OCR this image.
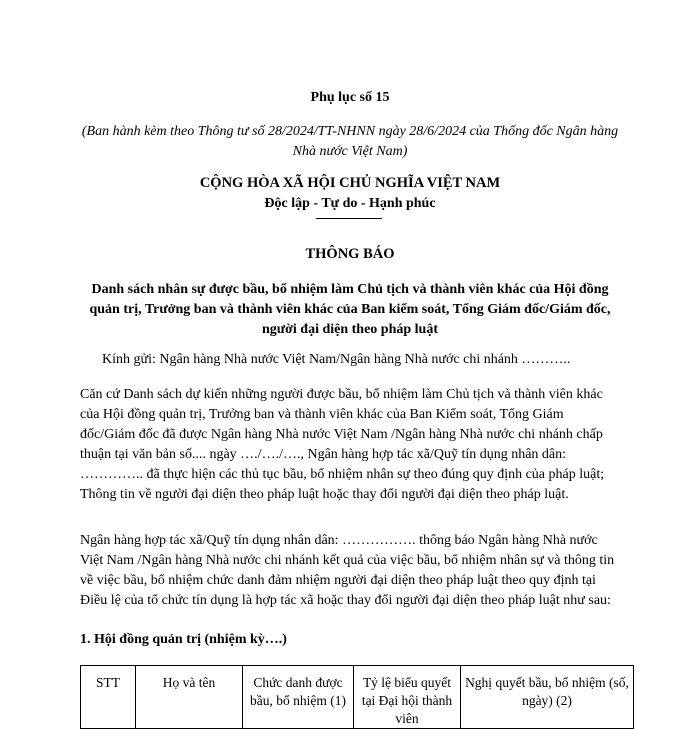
Phụ lục số 15
(Ban hành kèm theo Thông tư số 28/2024/TT-NHNN ngày 28/6/2024 của Thống đốc Ngân hàng Nhà nước Việt Nam)
CỘNG HÒA XÃ HỘI CHỦ NGHĨA VIỆT NAM
Độc lập - Tự do - Hạnh phúc
THÔNG BÁO
Danh sách nhân sự được bầu, bổ nhiệm làm Chủ tịch và thành viên khác của Hội đồng quản trị, Trưởng ban và thành viên khác của Ban kiểm soát, Tổng Giám đốc/Giám đốc, người đại diện theo pháp luật
Kính gửi: Ngân hàng Nhà nước Việt Nam/Ngân hàng Nhà nước chi nhánh ………..
Căn cứ Danh sách dự kiến những người được bầu, bổ nhiệm làm Chủ tịch và thành viên khác của Hội đồng quản trị, Trưởng ban và thành viên khác của Ban Kiểm soát, Tổng Giám đốc/Giám đốc đã được Ngân hàng Nhà nước Việt Nam /Ngân hàng Nhà nước chi nhánh chấp thuận tại văn bản số.... ngày …./…./…., Ngân hàng hợp tác xã/Quỹ tín dụng nhân dân: ………….. đã thực hiện các thủ tục bầu, bổ nhiệm nhân sự theo đúng quy định của pháp luật; Thông tin về người đại diện theo pháp luật hoặc thay đổi người đại diện theo pháp luật.
Ngân hàng hợp tác xã/Quỹ tín dụng nhân dân: ……………. thông báo Ngân hàng Nhà nước Việt Nam /Ngân hàng Nhà nước chi nhánh kết quả của việc bầu, bổ nhiệm nhân sự và thông tin về việc bầu, bổ nhiệm chức danh đảm nhiệm người đại diện theo pháp luật theo quy định tại Điều lệ của tổ chức tín dụng là hợp tác xã hoặc thay đổi người đại diện theo pháp luật như sau:
1. Hội đồng quản trị (nhiệm kỳ….)
STT	Họ và tên	Chức danh được bầu, bổ nhiệm (1)	Tỷ lệ biểu quyết tại Đại hội thành viên	Nghị quyết bầu, bổ nhiệm (số, ngày) (2)
